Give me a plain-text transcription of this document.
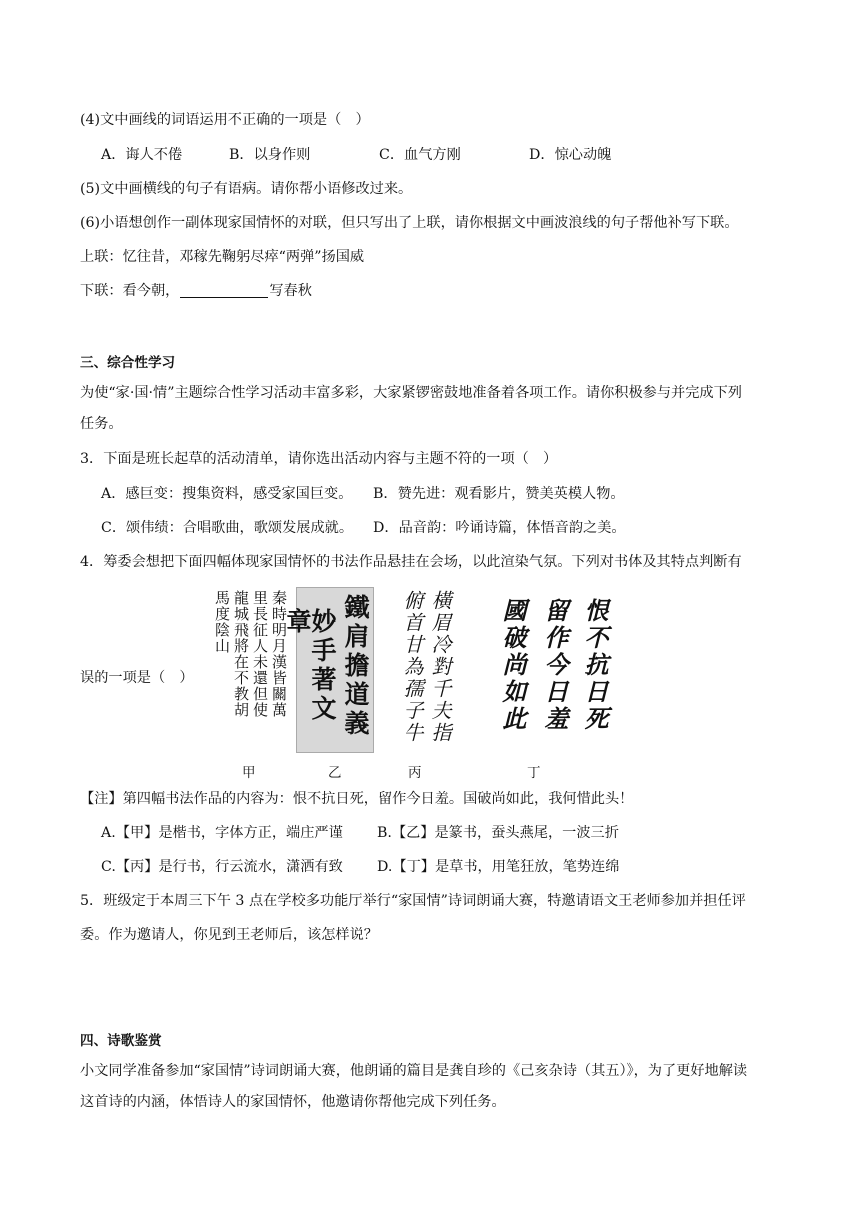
(4)文中画线的词语运用不正确的一项是（　）
A．诲人不倦	B．以身作则	C．血气方刚	D．惊心动魄
(5)文中画横线的句子有语病。请你帮小语修改过来。
(6)小语想创作一副体现家国情怀的对联，但只写出了上联，请你根据文中画波浪线的句子帮他补写下联。
上联：忆往昔，邓稼先鞠躬尽瘁“两弹”扬国威
下联：看今朝，	写春秋
三、综合性学习
为使“家·国·情”主题综合性学习活动丰富多彩，大家紧锣密鼓地准备着各项工作。请你积极参与并完成下列
任务。
3．下面是班长起草的活动清单，请你选出活动内容与主题不符的一项（　）
A．感巨变：搜集资料，感受家国巨变。 B．赞先进：观看影片，赞美英模人物。
C．颂伟绩：合唱歌曲，歌颂发展成就。 D．品音韵：吟诵诗篇，体悟音韵之美。
4．筹委会想把下面四幅体现家国情怀的书法作品悬挂在会场，以此渲染气氛。下列对书体及其特点判断有
误的一项是（　）	秦時明月漢皆關萬
里長征人未還但使
龍城飛將在不教胡
馬度陰山	鐵肩擔道義
妙手著文章	橫眉冷對千夫指
俯首甘為孺子牛	恨不抗日死
留作今日羞
國破尚如此
甲	乙	丙	丁
【注】第四幅书法作品的内容为：恨不抗日死，留作今日羞。国破尚如此，我何惜此头！
A.【甲】是楷书，字体方正，端庄严谨 B.【乙】是篆书，蚕头燕尾，一波三折
C.【丙】是行书，行云流水，潇洒有致 D.【丁】是草书，用笔狂放，笔势连绵
5．班级定于本周三下午 3 点在学校多功能厅举行“家国情”诗词朗诵大赛，特邀请语文王老师参加并担任评
委。作为邀请人，你见到王老师后，该怎样说？
四、诗歌鉴赏
小文同学准备参加“家国情”诗词朗诵大赛，他朗诵的篇目是龚自珍的《己亥杂诗（其五）》，为了更好地解读
这首诗的内涵，体悟诗人的家国情怀，他邀请你帮他完成下列任务。
